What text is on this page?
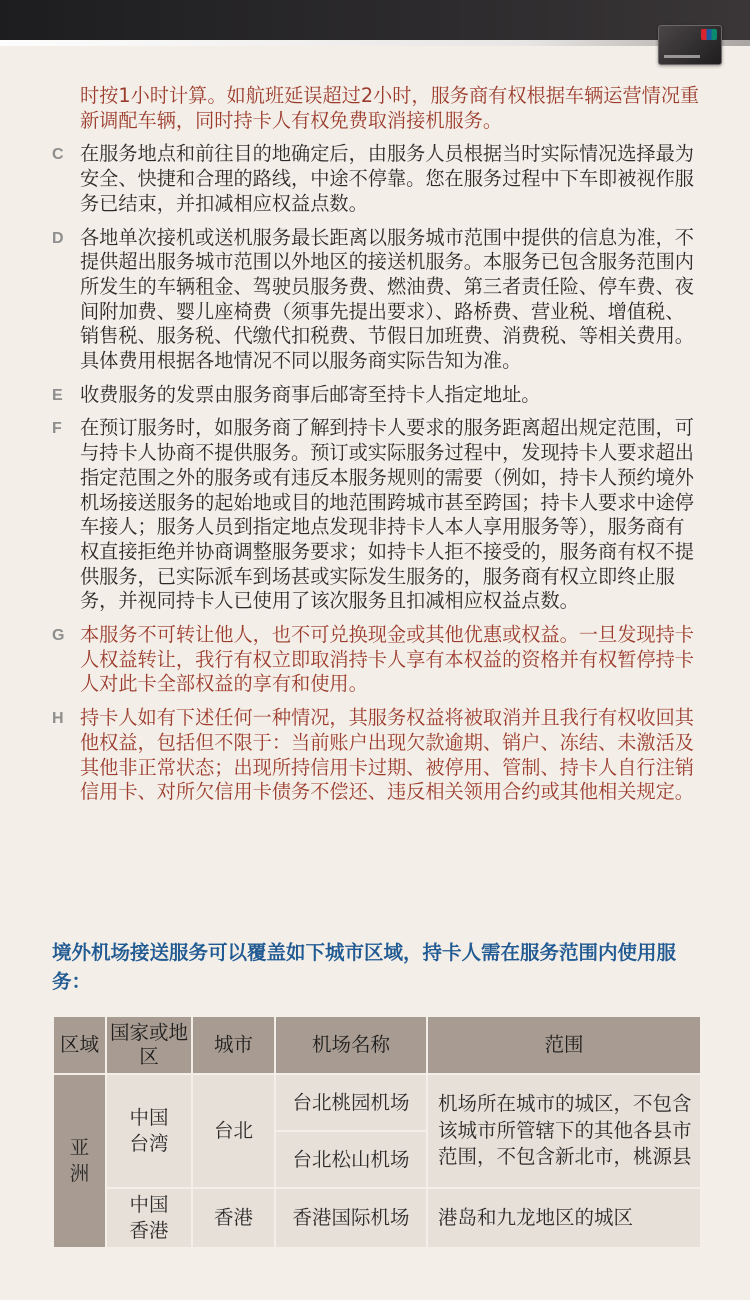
时按1小时计算。如航班延误超过2小时，服务商有权根据车辆运营情况重新调配车辆，同时持卡人有权免费取消接机服务。
C 在服务地点和前往目的地确定后，由服务人员根据当时实际情况选择最为安全、快捷和合理的路线，中途不停靠。您在服务过程中下车即被视作服务已结束，并扣减相应权益点数。
D 各地单次接机或送机服务最长距离以服务城市范围中提供的信息为准，不提供超出服务城市范围以外地区的接送机服务。本服务已包含服务范围内所发生的车辆租金、驾驶员服务费、燃油费、第三者责任险、停车费、夜间附加费、婴儿座椅费（须事先提出要求）、路桥费、营业税、增值税、销售税、服务税、代缴代扣税费、节假日加班费、消费税、等相关费用。具体费用根据各地情况不同以服务商实际告知为准。
E 收费服务的发票由服务商事后邮寄至持卡人指定地址。
F 在预订服务时，如服务商了解到持卡人要求的服务距离超出规定范围，可与持卡人协商不提供服务。预订或实际服务过程中，发现持卡人要求超出指定范围之外的服务或有违反本服务规则的需要（例如，持卡人预约境外机场接送服务的起始地或目的地范围跨城市甚至跨国；持卡人要求中途停车接人；服务人员到指定地点发现非持卡人本人享用服务等），服务商有权直接拒绝并协商调整服务要求；如持卡人拒不接受的，服务商有权不提供服务，已实际派车到场甚或实际发生服务的，服务商有权立即终止服务，并视同持卡人已使用了该次服务且扣减相应权益点数。
G 本服务不可转让他人，也不可兑换现金或其他优惠或权益。一旦发现持卡人权益转让，我行有权立即取消持卡人享有本权益的资格并有权暂停持卡人对此卡全部权益的享有和使用。
H 持卡人如有下述任何一种情况，其服务权益将被取消并且我行有权收回其他权益，包括但不限于：当前账户出现欠款逾期、销户、冻结、未激活及其他非正常状态；出现所持信用卡过期、被停用、管制、持卡人自行注销信用卡、对所欠信用卡债务不偿还、违反相关领用合约或其他相关规定。
境外机场接送服务可以覆盖如下城市区域，持卡人需在服务范围内使用服务：
区域	国家或地区	城市	机场名称	范围
亚洲	中国台湾	台北	台北桃园机场	机场所在城市的城区，不包含该城市所管辖下的其他各县市范围，不包含新北市，桃源县
			台北松山机场	
	中国香港	香港	香港国际机场	港岛和九龙地区的城区
